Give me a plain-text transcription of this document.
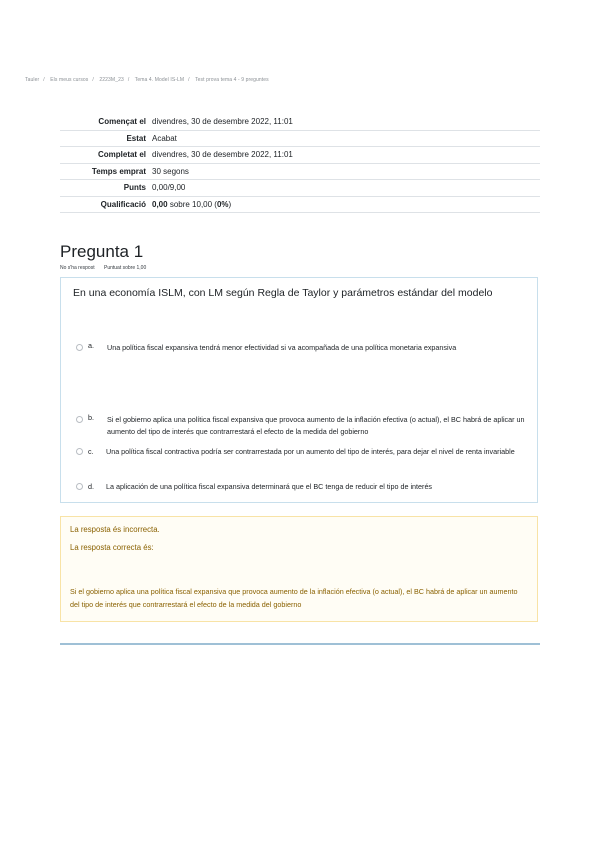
Tauler / Els meus cursos / 2223M_23 / Tema 4. Model IS-LM / Test prova tema 4 - 9 preguntes
Començat el	divendres, 30 de desembre 2022, 11:01
Estat	Acabat
Completat el	divendres, 30 de desembre 2022, 11:01
Temps emprat	30 segons
Punts	0,00/9,00
Qualificació	0,00 sobre 10,00 (0%)
Pregunta 1
No s'ha respost Puntuat sobre 1,00
En una economía ISLM, con LM según Regla de Taylor y parámetros estándar del modelo
a. Una política fiscal expansiva tendrá menor efectividad si va acompañada de una política monetaria expansiva
b. Si el gobierno aplica una política fiscal expansiva que provoca aumento de la inflación efectiva (o actual), el BC habrá de aplicar un aumento del tipo de interés que contrarrestará el efecto de la medida del gobierno
c. Una política fiscal contractiva podría ser contrarrestada por un aumento del tipo de interés, para dejar el nivel de renta invariable
d. La aplicación de una política fiscal expansiva determinará que el BC tenga de reducir el tipo de interés
La resposta és incorrecta.
La resposta correcta és:
Si el gobierno aplica una política fiscal expansiva que provoca aumento de la inflación efectiva (o actual), el BC habrá de aplicar un aumento del tipo de interés que contrarrestará el efecto de la medida del gobierno
